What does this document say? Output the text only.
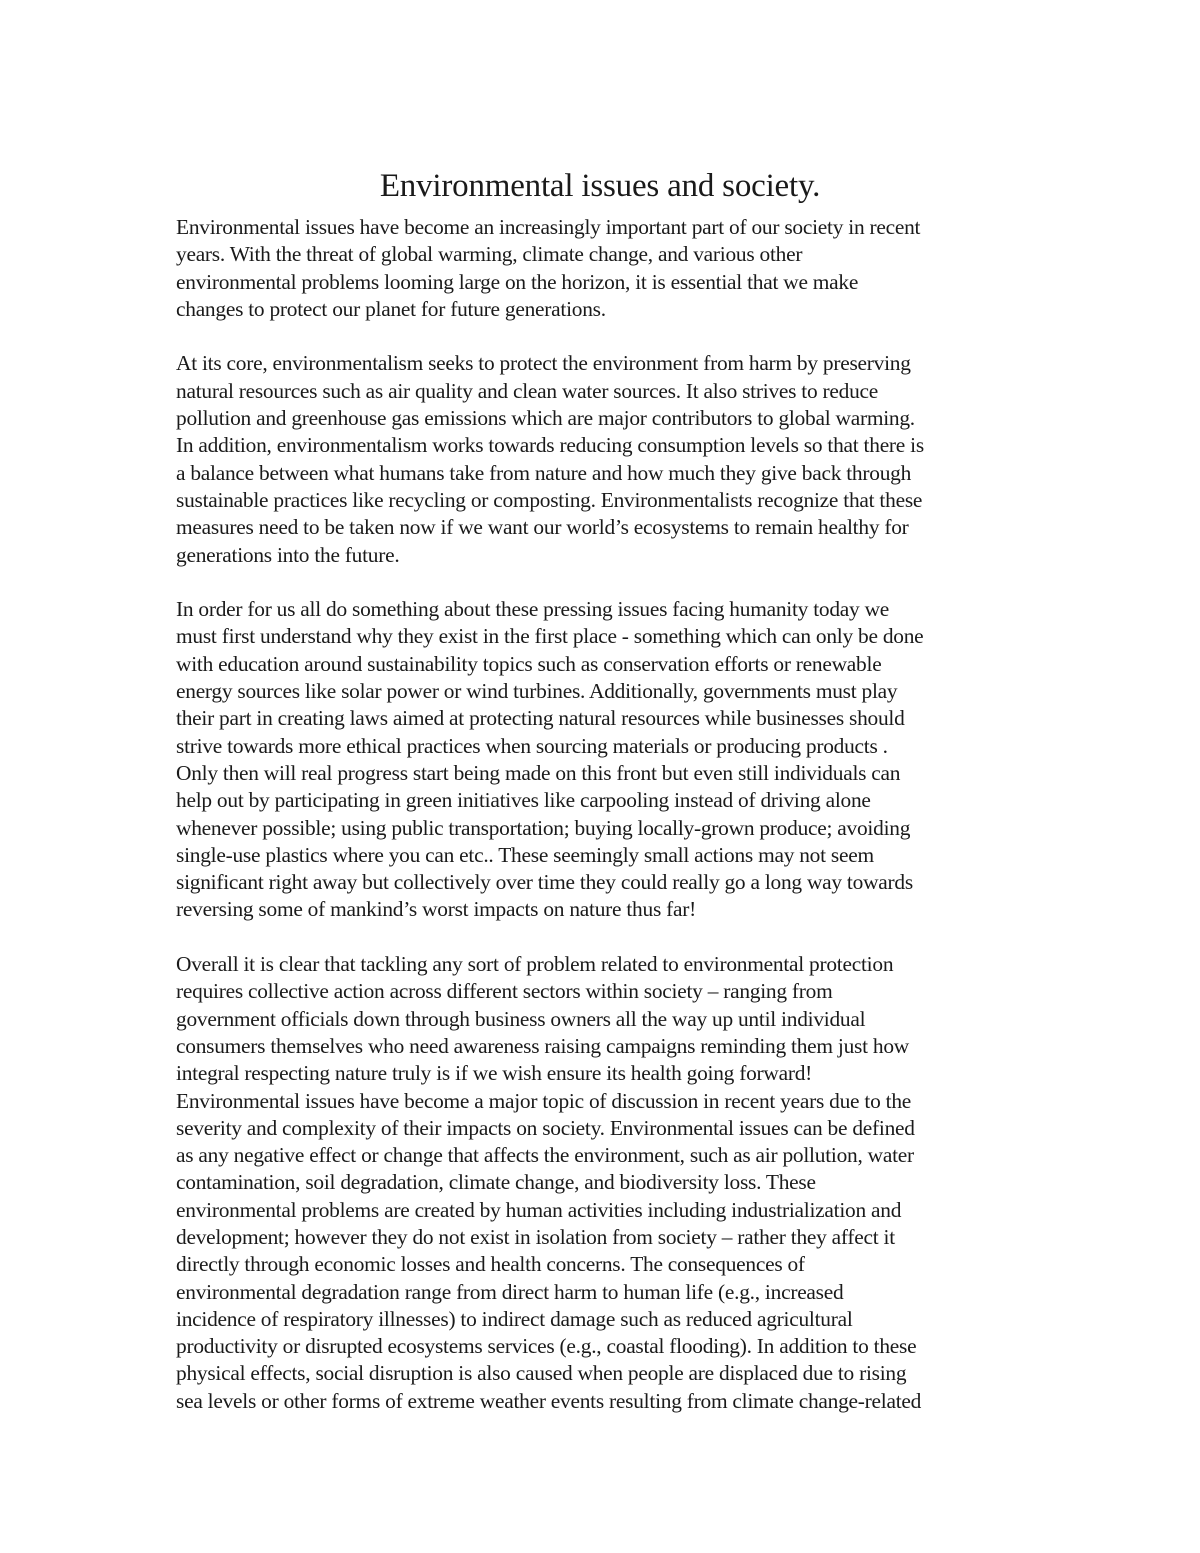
Environmental issues and society.

Environmental issues have become an increasingly important part of our society in recent
years. With the threat of global warming, climate change, and various other
environmental problems looming large on the horizon, it is essential that we make
changes to protect our planet for future generations.

At its core, environmentalism seeks to protect the environment from harm by preserving
natural resources such as air quality and clean water sources. It also strives to reduce
pollution and greenhouse gas emissions which are major contributors to global warming.
In addition, environmentalism works towards reducing consumption levels so that there is
a balance between what humans take from nature and how much they give back through
sustainable practices like recycling or composting. Environmentalists recognize that these
measures need to be taken now if we want our world’s ecosystems to remain healthy for
generations into the future.

In order for us all do something about these pressing issues facing humanity today we
must first understand why they exist in the first place - something which can only be done
with education around sustainability topics such as conservation efforts or renewable
energy sources like solar power or wind turbines. Additionally, governments must play
their part in creating laws aimed at protecting natural resources while businesses should
strive towards more ethical practices when sourcing materials or producing products .
Only then will real progress start being made on this front but even still individuals can
help out by participating in green initiatives like carpooling instead of driving alone
whenever possible; using public transportation; buying locally-grown produce; avoiding
single-use plastics where you can etc.. These seemingly small actions may not seem
significant right away but collectively over time they could really go a long way towards
reversing some of mankind’s worst impacts on nature thus far!

Overall it is clear that tackling any sort of problem related to environmental protection
requires collective action across different sectors within society – ranging from
government officials down through business owners all the way up until individual
consumers themselves who need awareness raising campaigns reminding them just how
integral respecting nature truly is if we wish ensure its health going forward!
Environmental issues have become a major topic of discussion in recent years due to the
severity and complexity of their impacts on society. Environmental issues can be defined
as any negative effect or change that affects the environment, such as air pollution, water
contamination, soil degradation, climate change, and biodiversity loss. These
environmental problems are created by human activities including industrialization and
development; however they do not exist in isolation from society – rather they affect it
directly through economic losses and health concerns. The consequences of
environmental degradation range from direct harm to human life (e.g., increased
incidence of respiratory illnesses) to indirect damage such as reduced agricultural
productivity or disrupted ecosystems services (e.g., coastal flooding). In addition to these
physical effects, social disruption is also caused when people are displaced due to rising
sea levels or other forms of extreme weather events resulting from climate change-related
